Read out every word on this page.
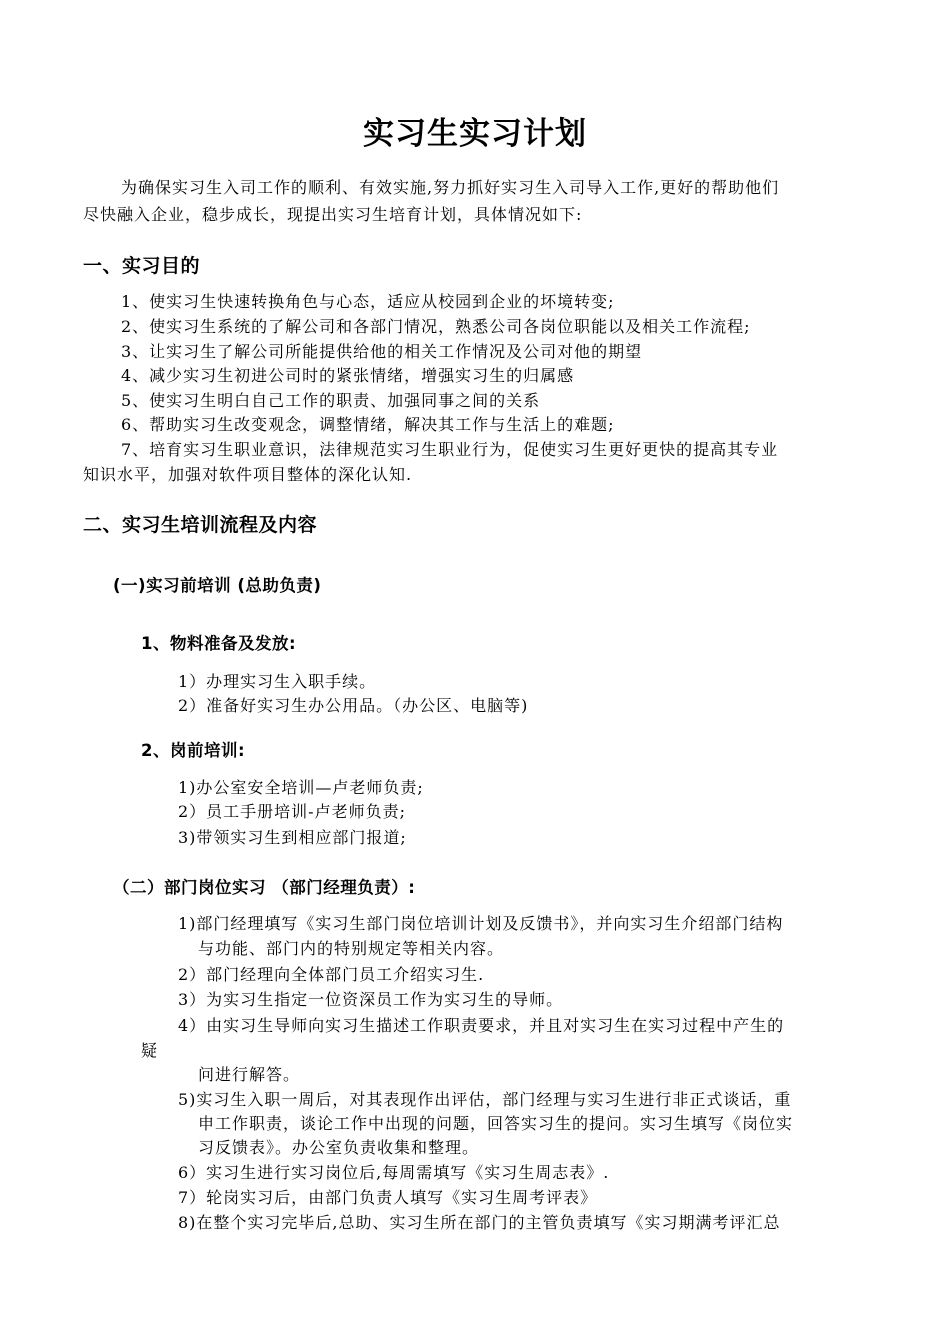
实习生实习计划
为确保实习生入司工作的顺利、有效实施,努力抓好实习生入司导入工作,更好的帮助他们
尽快融入企业，稳步成长，现提出实习生培育计划，具体情况如下:
一、实习目的
1、使实习生快速转换角色与心态，适应从校园到企业的坏境转变;
2、使实习生系统的了解公司和各部门情况，熟悉公司各岗位职能以及相关工作流程;
3、让实习生了解公司所能提供给他的相关工作情况及公司对他的期望
4、减少实习生初进公司时的紧张情绪，增强实习生的归属感
5、使实习生明白自己工作的职责、加强同事之间的关系
6、帮助实习生改变观念，调整情绪，解决其工作与生活上的难题;
7、培育实习生职业意识，法律规范实习生职业行为，促使实习生更好更快的提高其专业
知识水平，加强对软件项目整体的深化认知.
二、实习生培训流程及内容
(一)实习前培训 (总助负责)
1、物料准备及发放:
1）办理实习生入职手续。
2）准备好实习生办公用品。（办公区、电脑等)
2、岗前培训:
1)办公室安全培训—卢老师负责;
2）员工手册培训-卢老师负责;
3)带领实习生到相应部门报道;
（二）部门岗位实习 （部门经理负责）:
1)部门经理填写《实习生部门岗位培训计划及反馈书》，并向实习生介绍部门结构
与功能、部门内的特别规定等相关内容。
2）部门经理向全体部门员工介绍实习生.
3）为实习生指定一位资深员工作为实习生的导师。
4）由实习生导师向实习生描述工作职责要求，并且对实习生在实习过程中产生的
疑
问进行解答。
5)实习生入职一周后，对其表现作出评估，部门经理与实习生进行非正式谈话，重
申工作职责，谈论工作中出现的问题，回答实习生的提问。实习生填写《岗位实
习反馈表》。办公室负责收集和整理。
6）实习生进行实习岗位后,每周需填写《实习生周志表》.
7）轮岗实习后，由部门负责人填写《实习生周考评表》
8)在整个实习完毕后,总助、实习生所在部门的主管负责填写《实习期满考评汇总
